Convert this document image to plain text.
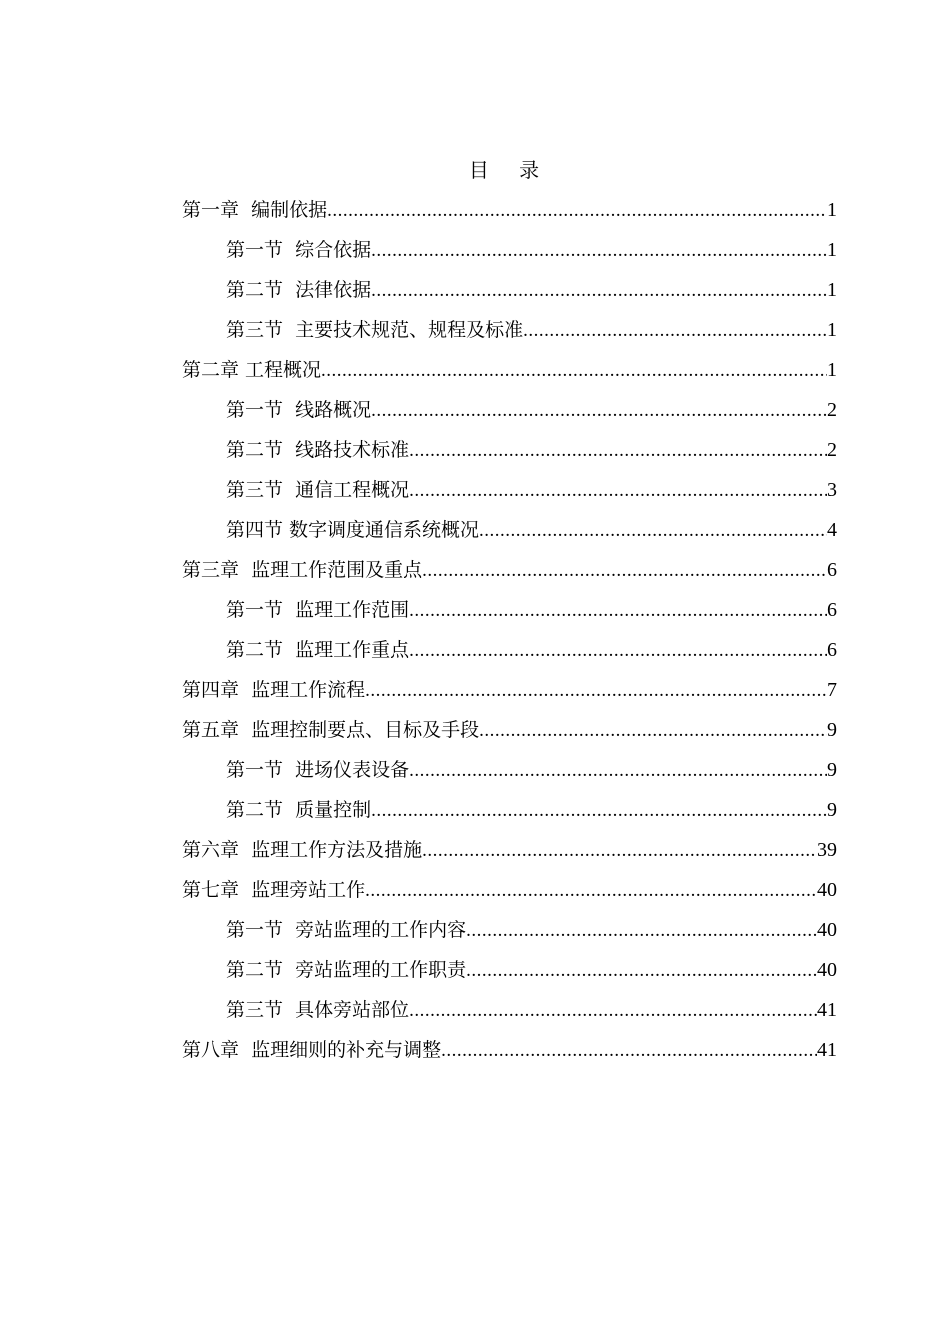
目 录
第一章  编制依据 .....	1
第一节  综合依据 .....	1
第二节  法律依据 .....	1
第三节  主要技术规范、规程及标准 .....	1
第二章 工程概况 .....	1
第一节  线路概况 .....	2
第二节  线路技术标准 .....	2
第三节  通信工程概况 .....	3
第四节 数字调度通信系统概况 .....	4
第三章  监理工作范围及重点 .....	6
第一节  监理工作范围 .....	6
第二节  监理工作重点 .....	6
第四章  监理工作流程 .....	7
第五章  监理控制要点、目标及手段 .....	9
第一节  进场仪表设备 .....	9
第二节  质量控制 .....	9
第六章  监理工作方法及措施 .....	39
第七章  监理旁站工作 .....	40
第一节  旁站监理的工作内容 .....	40
第二节  旁站监理的工作职责 .....	40
第三节  具体旁站部位 .....	41
第八章  监理细则的补充与调整 .....	41
